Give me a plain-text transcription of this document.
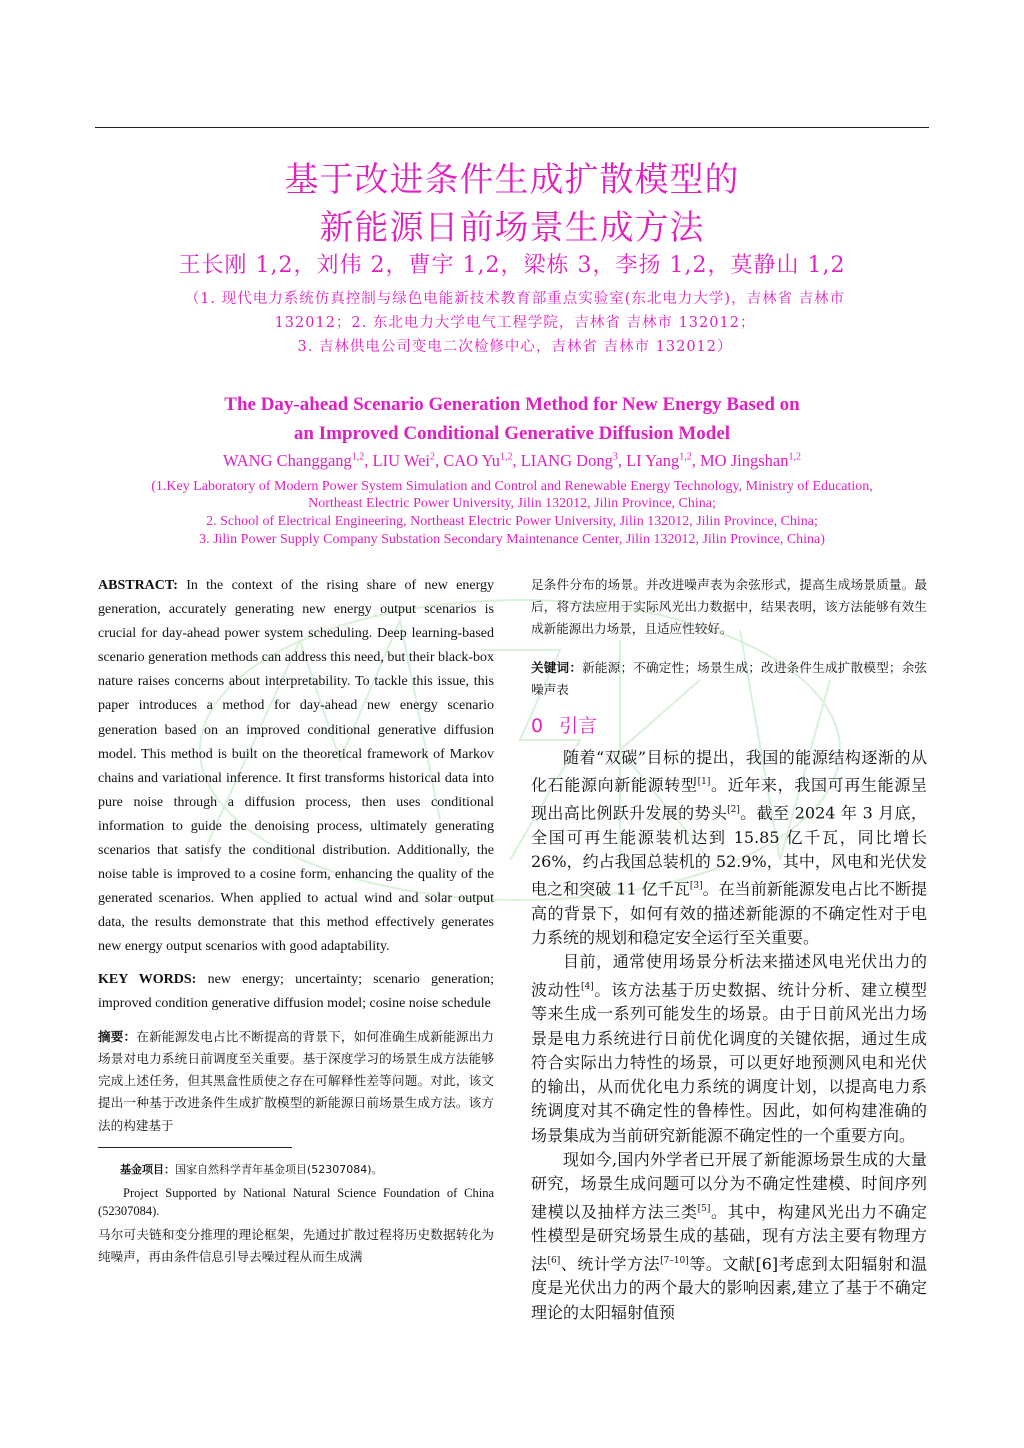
基于改进条件生成扩散模型的
新能源日前场景生成方法
王长刚 1,2，刘伟 2，曹宇 1,2，梁栋 3，李扬 1,2，莫静山 1,2
（1. 现代电力系统仿真控制与绿色电能新技术教育部重点实验室(东北电力大学)，吉林省 吉林市
132012；2. 东北电力大学电气工程学院，吉林省 吉林市 132012；
3. 吉林供电公司变电二次检修中心，吉林省 吉林市 132012）
The Day-ahead Scenario Generation Method for New Energy Based on
an Improved Conditional Generative Diffusion Model
WANG Changgang$^{1,2}$, LIU Wei$^2$, CAO Yu$^{1,2}$, LIANG Dong$^3$, LI Yang$^{1,2}$, MO Jingshan$^{1,2}$
(1.Key Laboratory of Modern Power System Simulation and Control and Renewable Energy Technology, Ministry of Education,
Northeast Electric Power University, Jilin 132012, Jilin Province, China;
2. School of Electrical Engineering, Northeast Electric Power University, Jilin 132012, Jilin Province, China;
3. Jilin Power Supply Company Substation Secondary Maintenance Center, Jilin 132012, Jilin Province, China)

ABSTRACT: In the context of the rising share of new energy generation, accurately generating new energy output scenarios is crucial for day-ahead power system scheduling. Deep learning-based scenario generation methods can address this need, but their black-box nature raises concerns about interpretability. To tackle this issue, this paper introduces a method for day-ahead new energy scenario generation based on an improved conditional generative diffusion model. This method is built on the theoretical framework of Markov chains and variational inference. It first transforms historical data into pure noise through a diffusion process, then uses conditional information to guide the denoising process, ultimately generating scenarios that satisfy the conditional distribution. Additionally, the noise table is improved to a cosine form, enhancing the quality of the generated scenarios. When applied to actual wind and solar output data, the results demonstrate that this method effectively generates new energy output scenarios with good adaptability.

KEY WORDS: new energy; uncertainty; scenario generation; improved condition generative diffusion model; cosine noise schedule

摘要：在新能源发电占比不断提高的背景下，如何准确生成新能源出力场景对电力系统日前调度至关重要。基于深度学习的场景生成方法能够完成上述任务，但其黑盒性质使之存在可解释性差等问题。对此，该文提出一种基于改进条件生成扩散模型的新能源日前场景生成方法。该方法的构建基于

基金项目：国家自然科学青年基金项目(52307084)。

Project Supported by National Natural Science Foundation of China (52307084).

马尔可夫链和变分推理的理论框架，先通过扩散过程将历史数据转化为纯噪声，再由条件信息引导去噪过程从而生成满

足条件分布的场景。并改进噪声表为余弦形式，提高生成场景质量。最后，将方法应用于实际风光出力数据中，结果表明，该方法能够有效生成新能源出力场景，且适应性较好。

关键词：新能源；不确定性；场景生成；改进条件生成扩散模型；余弦噪声表

0 引言

随着“双碳”目标的提出，我国的能源结构逐渐的从化石能源向新能源转型[1]。近年来，我国可再生能源呈现出高比例跃升发展的势头[2]。截至 2024 年 3 月底，全国可再生能源装机达到 15.85 亿千瓦，同比增长 26%，约占我国总装机的 52.9%，其中，风电和光伏发电之和突破 11 亿千瓦[3]。在当前新能源发电占比不断提高的背景下，如何有效的描述新能源的不确定性对于电力系统的规划和稳定安全运行至关重要。

目前，通常使用场景分析法来描述风电光伏出力的波动性[4]。该方法基于历史数据、统计分析、建立模型等来生成一系列可能发生的场景。由于日前风光出力场景是电力系统进行日前优化调度的关键依据，通过生成符合实际出力特性的场景，可以更好地预测风电和光伏的输出，从而优化电力系统的调度计划，以提高电力系统调度对其不确定性的鲁棒性。因此，如何构建准确的场景集成为当前研究新能源不确定性的一个重要方向。

现如今,国内外学者已开展了新能源场景生成的大量研究，场景生成问题可以分为不确定性建模、时间序列建模以及抽样方法三类[5]。其中，构建风光出力不确定性模型是研究场景生成的基础，现有方法主要有物理方法[6]、统计学方法[7–10]等。文献[6]考虑到太阳辐射和温度是光伏出力的两个最大的影响因素,建立了基于不确定理论的太阳辐射值预
